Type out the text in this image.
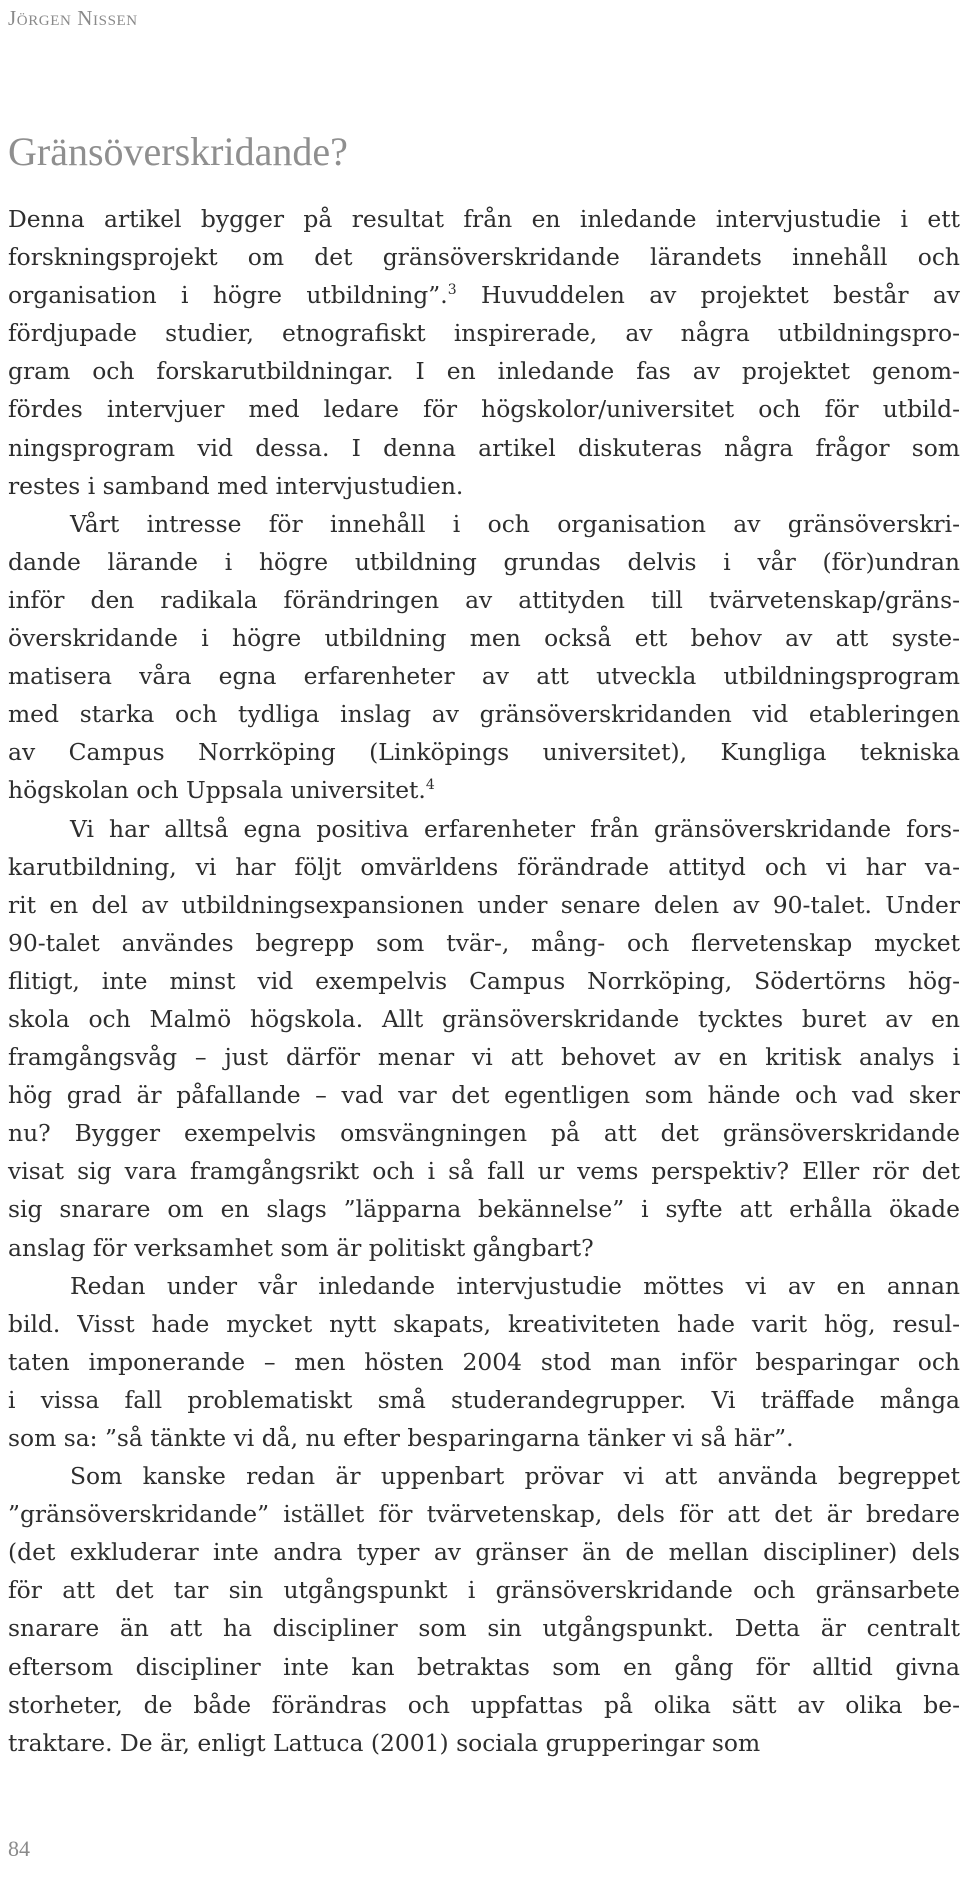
Jörgen Nissen
Gränsöverskridande?
Denna artikel bygger på resultat från en inledande intervjustudie i ett
forskningsprojekt om det gränsöverskridande lärandets innehåll och
organisation i högre utbildning”.$^3$ Huvuddelen av projektet består av
fördjupade studier, etnografiskt inspirerade, av några utbildningspro-
gram och forskarutbildningar. I en inledande fas av projektet genom-
fördes intervjuer med ledare för högskolor/universitet och för utbild-
ningsprogram vid dessa. I denna artikel diskuteras några frågor som
restes i samband med intervjustudien.
Vårt intresse för innehåll i och organisation av gränsöverskri-
dande lärande i högre utbildning grundas delvis i vår (för)undran
inför den radikala förändringen av attityden till tvärvetenskap/gräns-
överskridande i högre utbildning men också ett behov av att syste-
matisera våra egna erfarenheter av att utveckla utbildningsprogram
med starka och tydliga inslag av gränsöverskridanden vid etableringen
av Campus Norrköping (Linköpings universitet), Kungliga tekniska
högskolan och Uppsala universitet.$^4$
Vi har alltså egna positiva erfarenheter från gränsöverskridande fors-
karutbildning, vi har följt omvärldens förändrade attityd och vi har va-
rit en del av utbildningsexpansionen under senare delen av 90-talet. Under
90-talet användes begrepp som tvär-, mång- och flervetenskap mycket
flitigt, inte minst vid exempelvis Campus Norrköping, Södertörns hög-
skola och Malmö högskola. Allt gränsöverskridande tycktes buret av en
framgångsvåg – just därför menar vi att behovet av en kritisk analys i
hög grad är påfallande – vad var det egentligen som hände och vad sker
nu? Bygger exempelvis omsvängningen på att det gränsöverskridande
visat sig vara framgångsrikt och i så fall ur vems perspektiv? Eller rör det
sig snarare om en slags ”läpparna bekännelse” i syfte att erhålla ökade
anslag för verksamhet som är politiskt gångbart?
Redan under vår inledande intervjustudie möttes vi av en annan
bild. Visst hade mycket nytt skapats, kreativiteten hade varit hög, resul-
taten imponerande – men hösten 2004 stod man inför besparingar och
i vissa fall problematiskt små studerandegrupper. Vi träffade många
som sa: ”så tänkte vi då, nu efter besparingarna tänker vi så här”.
Som kanske redan är uppenbart prövar vi att använda begreppet
”gränsöverskridande” istället för tvärvetenskap, dels för att det är bredare
(det exkluderar inte andra typer av gränser än de mellan discipliner) dels
för att det tar sin utgångspunkt i gränsöverskridande och gränsarbete
snarare än att ha discipliner som sin utgångspunkt. Detta är centralt
eftersom discipliner inte kan betraktas som en gång för alltid givna
storheter, de både förändras och uppfattas på olika sätt av olika be-
traktare. De är, enligt Lattuca (2001) sociala grupperingar som
84
